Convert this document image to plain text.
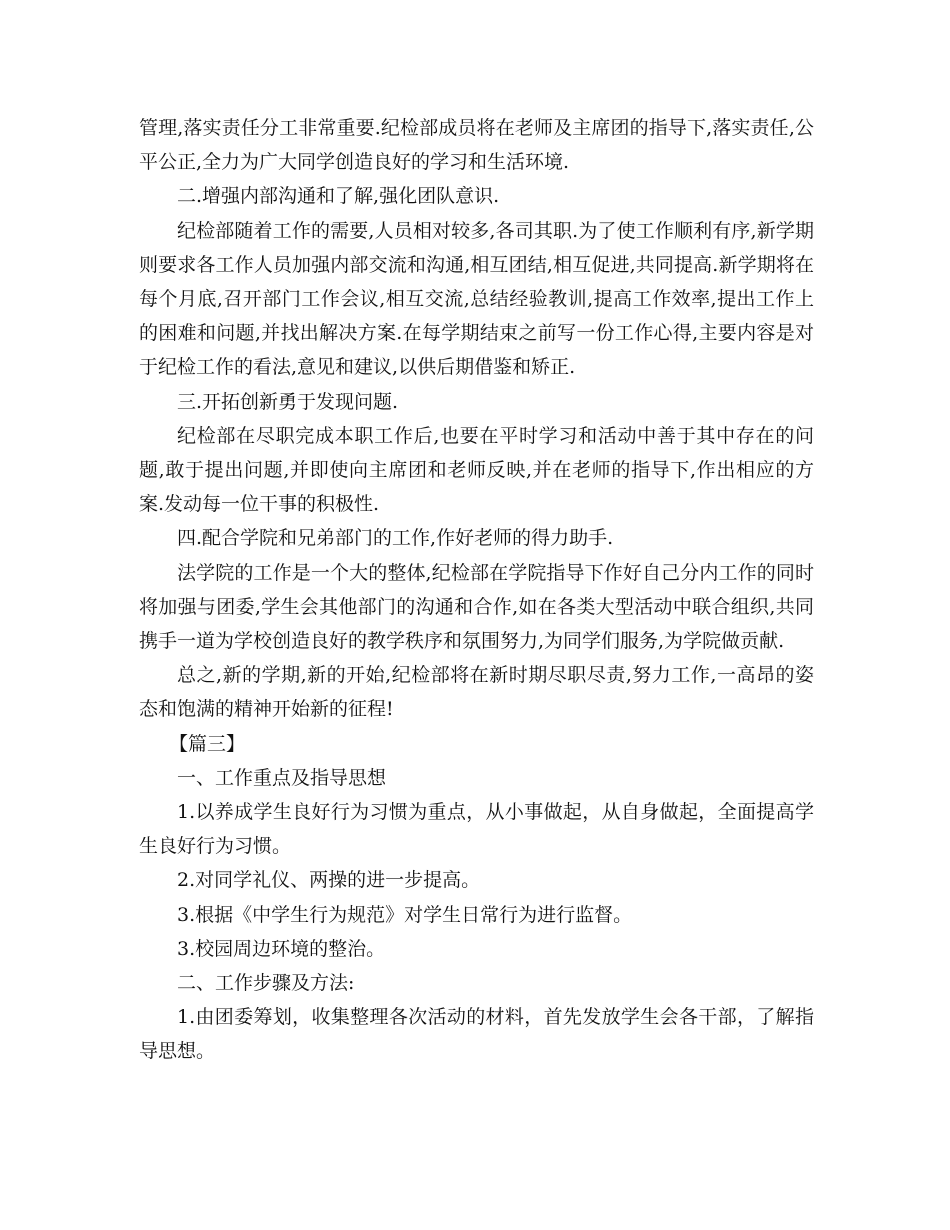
管理,落实责任分工非常重要.纪检部成员将在老师及主席团的指导下,落实责任,公平公正,全力为广大同学创造良好的学习和生活环境.

二.增强内部沟通和了解,强化团队意识.

纪检部随着工作的需要,人员相对较多,各司其职.为了使工作顺利有序,新学期则要求各工作人员加强内部交流和沟通,相互团结,相互促进,共同提高.新学期将在每个月底,召开部门工作会议,相互交流,总结经验教训,提高工作效率,提出工作上的困难和问题,并找出解决方案.在每学期结束之前写一份工作心得,主要内容是对于纪检工作的看法,意见和建议,以供后期借鉴和矫正.

三.开拓创新勇于发现问题.

纪检部在尽职完成本职工作后,也要在平时学习和活动中善于其中存在的问题,敢于提出问题,并即使向主席团和老师反映,并在老师的指导下,作出相应的方案.发动每一位干事的积极性.

四.配合学院和兄弟部门的工作,作好老师的得力助手.

法学院的工作是一个大的整体,纪检部在学院指导下作好自己分内工作的同时将加强与团委,学生会其他部门的沟通和合作,如在各类大型活动中联合组织,共同携手一道为学校创造良好的教学秩序和氛围努力,为同学们服务,为学院做贡献.

总之,新的学期,新的开始,纪检部将在新时期尽职尽责,努力工作,一高昂的姿态和饱满的精神开始新的征程!

【篇三】

一、工作重点及指导思想

1.以养成学生良好行为习惯为重点，从小事做起，从自身做起，全面提高学生良好行为习惯。

2.对同学礼仪、两操的进一步提高。

3.根据《中学生行为规范》对学生日常行为进行监督。

3.校园周边环境的整治。

二、工作步骤及方法:

1.由团委筹划，收集整理各次活动的材料，首先发放学生会各干部，了解指导思想。
